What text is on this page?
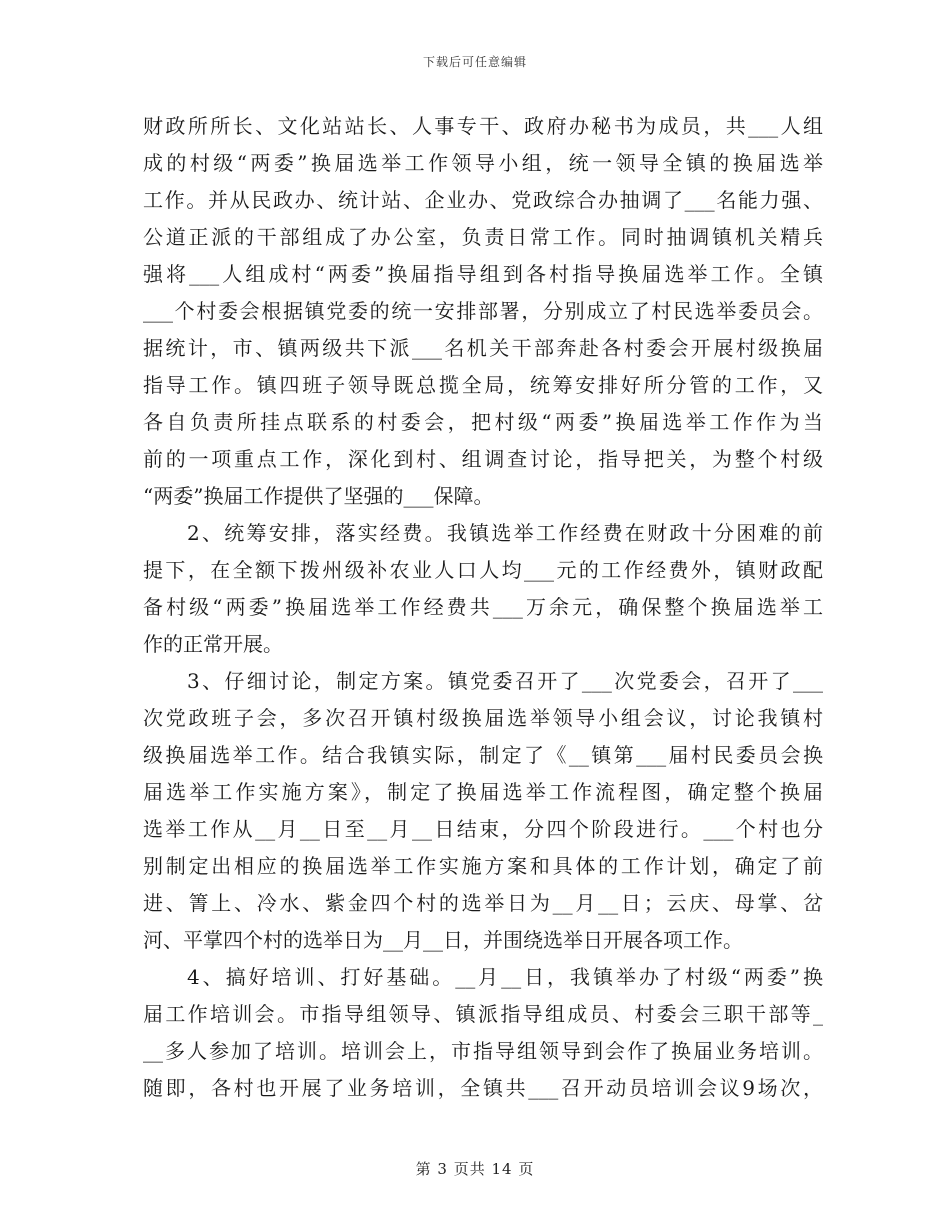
下载后可任意编辑
财政所所长、文化站站长、人事专干、政府办秘书为成员，共___人组
成的村级“两委”换届选举工作领导小组，统一领导全镇的换届选举
工作。并从民政办、统计站、企业办、党政综合办抽调了___名能力强、
公道正派的干部组成了办公室，负责日常工作。同时抽调镇机关精兵
强将___人组成村“两委”换届指导组到各村指导换届选举工作。全镇
___个村委会根据镇党委的统一安排部署，分别成立了村民选举委员会。
据统计，市、镇两级共下派___名机关干部奔赴各村委会开展村级换届
指导工作。镇四班子领导既总揽全局，统筹安排好所分管的工作，又
各自负责所挂点联系的村委会，把村级“两委”换届选举工作作为当
前的一项重点工作，深化到村、组调查讨论，指导把关，为整个村级
“两委”换届工作提供了坚强的___保障。
2、统筹安排，落实经费。我镇选举工作经费在财政十分困难的前
提下，在全额下拨州级补农业人口人均___元的工作经费外，镇财政配
备村级“两委”换届选举工作经费共___万余元，确保整个换届选举工
作的正常开展。
3、仔细讨论，制定方案。镇党委召开了___次党委会，召开了___
次党政班子会，多次召开镇村级换届选举领导小组会议，讨论我镇村
级换届选举工作。结合我镇实际，制定了《__镇第___届村民委员会换
届选举工作实施方案》，制定了换届选举工作流程图，确定整个换届
选举工作从__月__日至__月__日结束，分四个阶段进行。___个村也分
别制定出相应的换届选举工作实施方案和具体的工作计划，确定了前
进、箐上、冷水、紫金四个村的选举日为__月__日；云庆、母掌、岔
河、平掌四个村的选举日为__月__日，并围绕选举日开展各项工作。
4、搞好培训、打好基础。__月__日，我镇举办了村级“两委”换
届工作培训会。市指导组领导、镇派指导组成员、村委会三职干部等_
__多人参加了培训。培训会上，市指导组领导到会作了换届业务培训。
随即，各村也开展了业务培训，全镇共___召开动员培训会议9场次，
第 3 页共 14 页
